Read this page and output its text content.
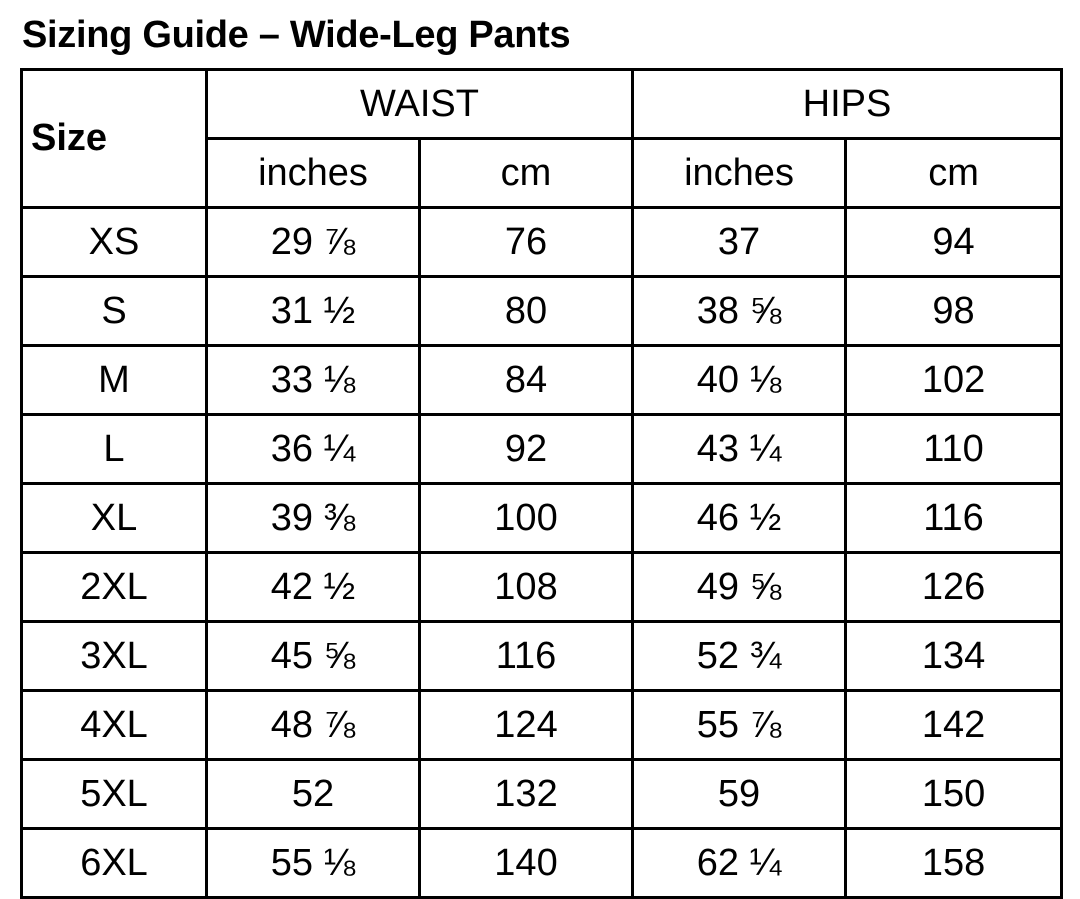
Sizing Guide – Wide-Leg Pants
Size	WAIST		HIPS	
	inches	cm	inches	cm
XS	29 ⅞	76	37	94
S	31 ½	80	38 ⅝	98
M	33 ⅛	84	40 ⅛	102
L	36 ¼	92	43 ¼	110
XL	39 ⅜	100	46 ½	116
2XL	42 ½	108	49 ⅝	126
3XL	45 ⅝	116	52 ¾	134
4XL	48 ⅞	124	55 ⅞	142
5XL	52	132	59	150
6XL	55 ⅛	140	62 ¼	158
